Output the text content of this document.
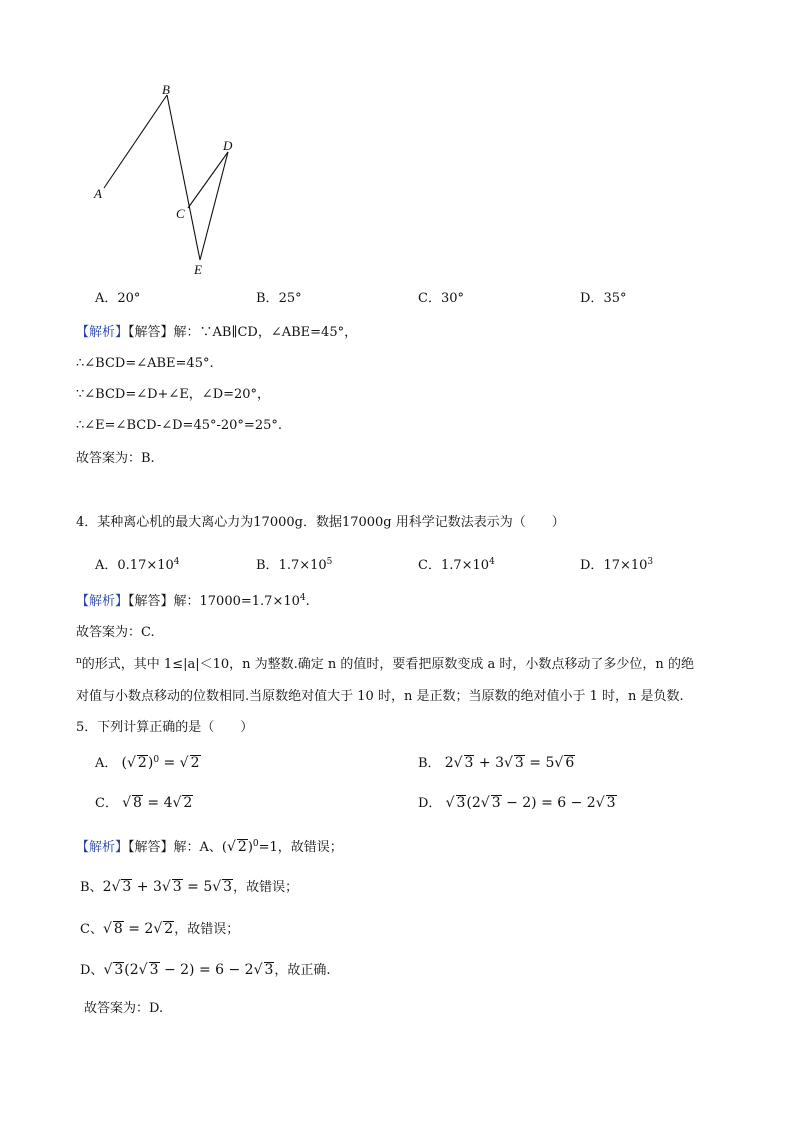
A
B
C
D
E
A．20°	B．25°	C．30°	D．35°
【解析】【解答】解：∵AB∥CD，∠ABE=45°，
∴∠BCD=∠ABE=45°.
∵∠BCD=∠D+∠E，∠D=20°，
∴∠E=∠BCD-∠D=45°-20°=25°.
故答案为：B.
4．某种离心机的最大离心力为17000g．数据17000g 用科学记数法表示为（　　）
A．$0.17\times 10^4$	B．$1.7\times 10^5$	C．$1.7\times 10^4$	D．$17\times 10^3$
【解析】【解答】解：$17000=1.7\times 10^4$.
故答案为：C.
$^n$的形式，其中 1≤|a|＜10，n 为整数.确定 n 的值时，要看把原数变成 a 时，小数点移动了多少位，n 的绝
对值与小数点移动的位数相同.当原数绝对值大于 10 时，n 是正数；当原数的绝对值小于 1 时，n 是负数.
5．下列计算正确的是（　　）
A． (√ 2)$^0$ = √ 2	B． 2√ 3 + 3√ 3 = 5√ 6
C． √ 8 = 4√ 2	D． √ 3(2√ 3 − 2) = 6 − 2√ 3
【解析】【解答】解：A、(√ 2)$^0$=1，故错误；
B、2√ 3 + 3√ 3 = 5√ 3，故错误；
C、√ 8 = 2√ 2，故错误；
D、√ 3(2√ 3 − 2) = 6 − 2√ 3，故正确.
故答案为：D.
